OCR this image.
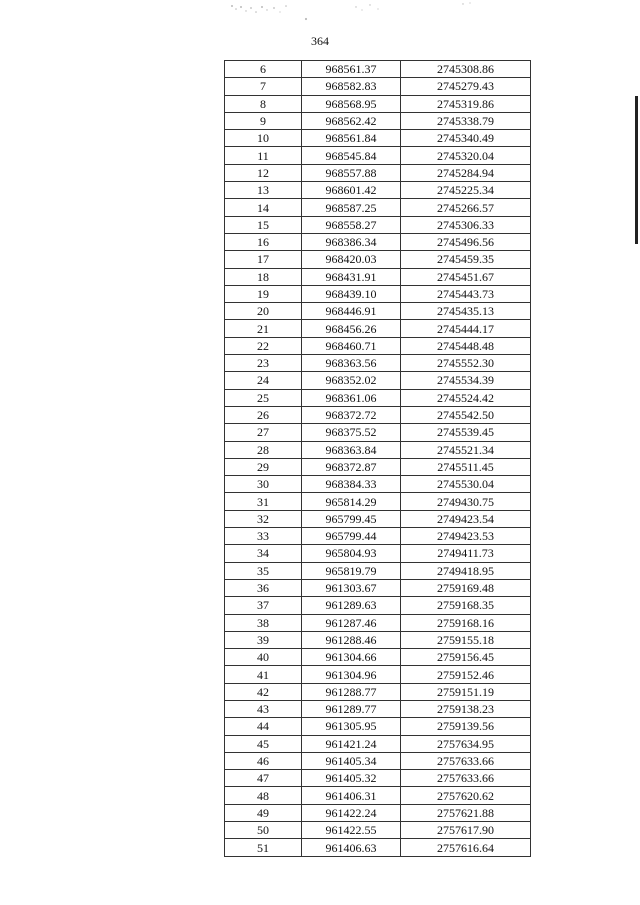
364
6	968561.37	2745308.86
7	968582.83	2745279.43
8	968568.95	2745319.86
9	968562.42	2745338.79
10	968561.84	2745340.49
11	968545.84	2745320.04
12	968557.88	2745284.94
13	968601.42	2745225.34
14	968587.25	2745266.57
15	968558.27	2745306.33
16	968386.34	2745496.56
17	968420.03	2745459.35
18	968431.91	2745451.67
19	968439.10	2745443.73
20	968446.91	2745435.13
21	968456.26	2745444.17
22	968460.71	2745448.48
23	968363.56	2745552.30
24	968352.02	2745534.39
25	968361.06	2745524.42
26	968372.72	2745542.50
27	968375.52	2745539.45
28	968363.84	2745521.34
29	968372.87	2745511.45
30	968384.33	2745530.04
31	965814.29	2749430.75
32	965799.45	2749423.54
33	965799.44	2749423.53
34	965804.93	2749411.73
35	965819.79	2749418.95
36	961303.67	2759169.48
37	961289.63	2759168.35
38	961287.46	2759168.16
39	961288.46	2759155.18
40	961304.66	2759156.45
41	961304.96	2759152.46
42	961288.77	2759151.19
43	961289.77	2759138.23
44	961305.95	2759139.56
45	961421.24	2757634.95
46	961405.34	2757633.66
47	961405.32	2757633.66
48	961406.31	2757620.62
49	961422.24	2757621.88
50	961422.55	2757617.90
51	961406.63	2757616.64
